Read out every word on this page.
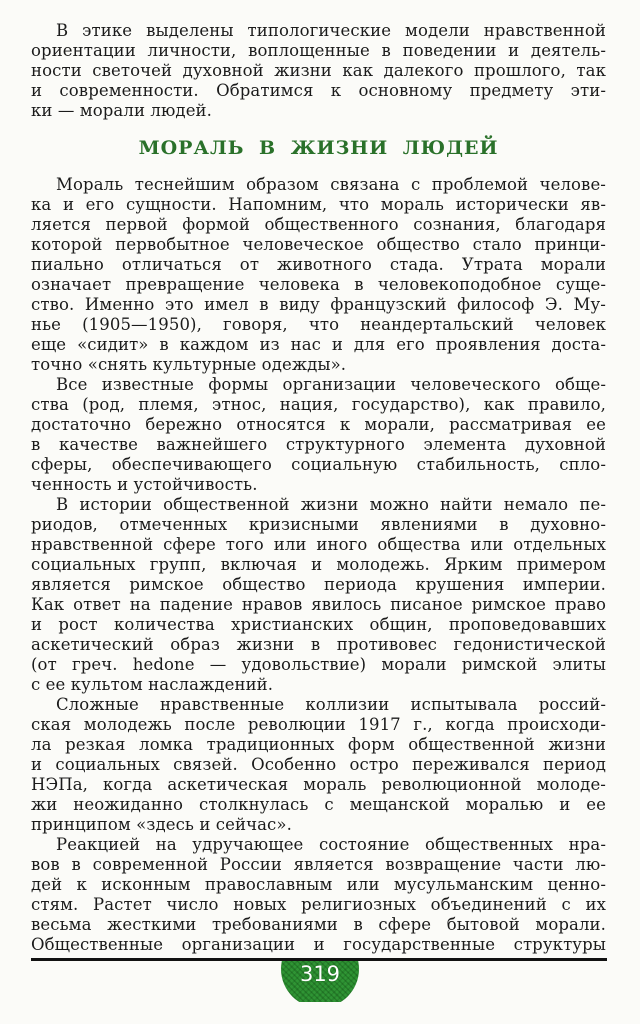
В этике выделены типологические модели нравственной
ориентации личности, воплощенные в поведении и деятель-
ности светочей духовной жизни как далекого прошлого, так
и современности. Обратимся к основному предмету эти-
ки — морали людей.
МОРАЛЬ В ЖИЗНИ ЛЮДЕЙ
Мораль теснейшим образом связана с проблемой челове-
ка и его сущности. Напомним, что мораль исторически яв-
ляется первой формой общественного сознания, благодаря
которой первобытное человеческое общество стало принци-
пиально отличаться от животного стада. Утрата морали
означает превращение человека в человекоподобное суще-
ство. Именно это имел в виду французский философ Э. Му-
нье (1905—1950), говоря, что неандертальский человек
еще «сидит» в каждом из нас и для его проявления доста-
точно «снять культурные одежды».
Все известные формы организации человеческого обще-
ства (род, племя, этнос, нация, государство), как правило,
достаточно бережно относятся к морали, рассматривая ее
в качестве важнейшего структурного элемента духовной
сферы, обеспечивающего социальную стабильность, спло-
ченность и устойчивость.
В истории общественной жизни можно найти немало пе-
риодов, отмеченных кризисными явлениями в духовно-
нравственной сфере того или иного общества или отдельных
социальных групп, включая и молодежь. Ярким примером
является римское общество периода крушения империи.
Как ответ на падение нравов явилось писаное римское право
и рост количества христианских общин, проповедовавших
аскетический образ жизни в противовес гедонистической
(от греч. hedone — удовольствие) морали римской элиты
с ее культом наслаждений.
Сложные нравственные коллизии испытывала россий-
ская молодежь после революции 1917 г., когда происходи-
ла резкая ломка традиционных форм общественной жизни
и социальных связей. Особенно остро переживался период
НЭПа, когда аскетическая мораль революционной молоде-
жи неожиданно столкнулась с мещанской моралью и ее
принципом «здесь и сейчас».
Реакцией на удручающее состояние общественных нра-
вов в современной России является возвращение части лю-
дей к исконным православным или мусульманским ценно-
стям. Растет число новых религиозных объединений с их
весьма жесткими требованиями в сфере бытовой морали.
Общественные организации и государственные структуры
319
